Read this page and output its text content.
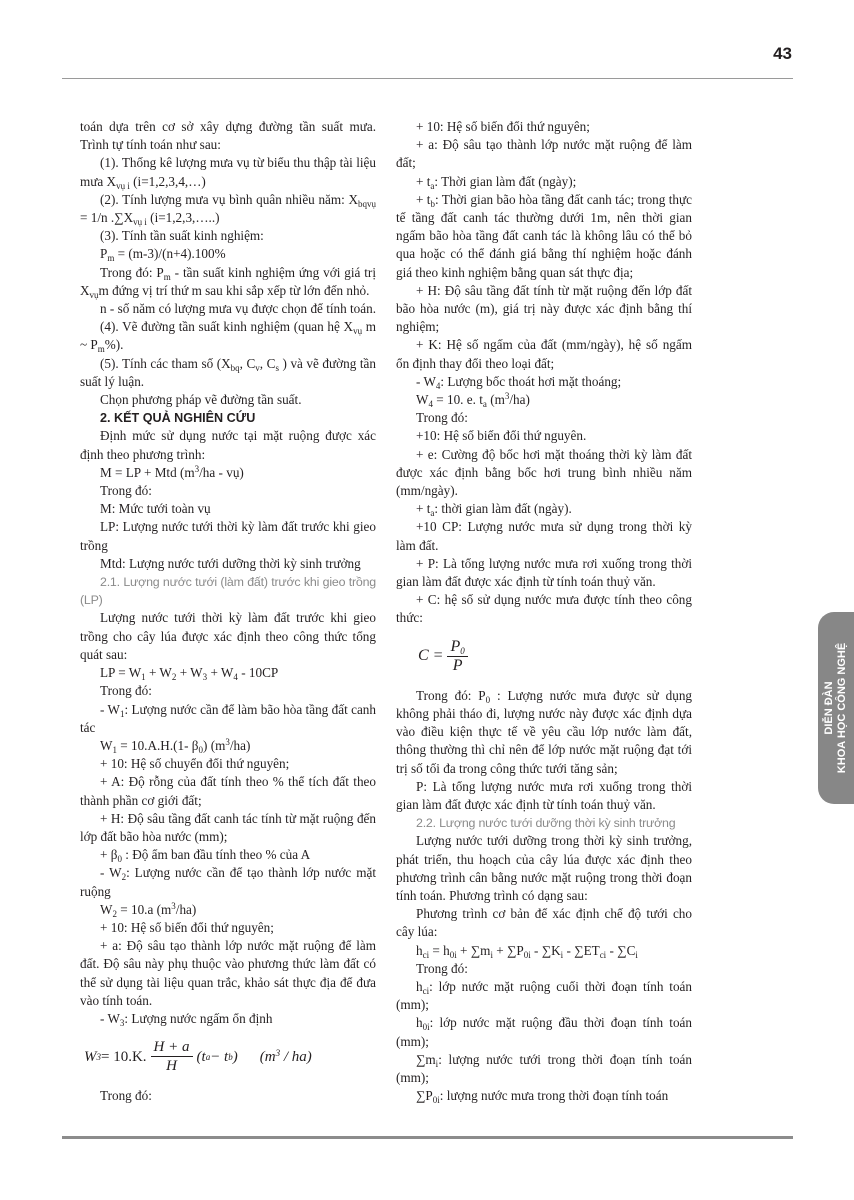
43

toán dựa trên cơ sở xây dựng đường tần suất mưa. Trình tự tính toán như sau:

(1). Thống kê lượng mưa vụ từ biểu thu thập tài liệu mưa $X_{vụ i}$ (i=1,2,3,4,…)

(2). Tính lượng mưa vụ bình quân nhiều năm: $X_{bqvụ} = 1/n$ $.\sum X_{vụ i}$ (i=1,2,3,…..)

(3). Tính tần suất kinh nghiệm:

$P_m = (m-3)/(n+4).100\%$

Trong đó: $P_m$ - tần suất kinh nghiệm ứng với giá trị $X_{vụ}m$ đứng vị trí thứ m sau khi sắp xếp từ lớn đến nhỏ.

n - số năm có lượng mưa vụ được chọn để tính toán.

(4). Vẽ đường tần suất kinh nghiệm (quan hệ $X_{vụ}$ m ~ $P_m\%$).

(5). Tính các tham số ($X_{bq}$, $C_v$, $C_s$ ) và vẽ đường tần suất lý luận.

Chọn phương pháp vẽ đường tần suất.

2. KẾT QUẢ NGHIÊN CỨU

Định mức sử dụng nước tại mặt ruộng được xác định theo phương trình:

M = LP + Mtd ($m^3/ha$ - vụ)

Trong đó:

M: Mức tưới toàn vụ

LP: Lượng nước tưới thời kỳ làm đất trước khi gieo trồng

Mtd: Lượng nước tưới dưỡng thời kỳ sinh trưởng

2.1. Lượng nước tưới (làm đất) trước khi gieo trồng (LP)

Lượng nước tưới thời kỳ làm đất trước khi gieo trồng cho cây lúa được xác định theo công thức tổng quát sau:

LP = $W_1 + W_2 + W_3 + W_4 - 10CP$

Trong đó:

- $W_1$: Lượng nước cần để làm bão hòa tầng đất canh tác

$W_1 = 10.A.H.(1-$ $\beta_0$) $(m^3/ha)$

+ 10: Hệ số chuyển đổi thứ nguyên;

+ A: Độ rỗng của đất tính theo % thể tích đất theo thành phần cơ giới đất;

+ H: Độ sâu tầng đất canh tác tính từ mặt ruộng đến lớp đất bão hòa nước (mm);

+ $\beta_0$ : Độ ẩm ban đầu tính theo % của A

- $W_2$: Lượng nước cần để tạo thành lớp nước mặt ruộng

$W_2 = 10.a$ $(m^3/ha)$

+ 10: Hệ số biến đổi thứ nguyên;

+ a: Độ sâu tạo thành lớp nước mặt ruộng để làm đất. Độ sâu này phụ thuộc vào phương thức làm đất có thể sử dụng tài liệu quan trắc, khảo sát thực địa để đưa vào tính toán.

- $W_3$: Lượng nước ngấm ổn định

W 3 = 10.K. $\frac{H + a}{H} (t$ a − t b ) $(m^3 / ha)$

Trong đó:

+ 10: Hệ số biến đổi thứ nguyên;

+ a: Độ sâu tạo thành lớp nước mặt ruộng để làm đất;

+ $t_a$: Thời gian làm đất (ngày);

+ $t_b$: Thời gian bão hòa tầng đất canh tác; trong thực tế tầng đất canh tác thường dưới 1m, nên thời gian ngấm bão hòa tầng đất canh tác là không lâu có thể bỏ qua hoặc có thể đánh giá bằng thí nghiệm hoặc đánh giá theo kinh nghiệm bằng quan sát thực địa;

+ H: Độ sâu tầng đất tính từ mặt ruộng đến lớp đất bão hòa nước (m), giá trị này được xác định bằng thí nghiệm;

+ K: Hệ số ngấm của đất (mm/ngày), hệ số ngấm ổn định thay đổi theo loại đất;

- $W_4$: Lượng bốc thoát hơi mặt thoáng;

$W_4 = 10$. e. $t_a$ $(m^3/ha)$

Trong đó:

+10: Hệ số biến đổi thứ nguyên.

+ e: Cường độ bốc hơi mặt thoáng thời kỳ làm đất được xác định bằng bốc hơi trung bình nhiều năm (mm/ngày).

+ $t_a$: thời gian làm đất (ngày).

+10 CP: Lượng nước mưa sử dụng trong thời kỳ làm đất.

+ P: Là tổng lượng nước mưa rơi xuống trong thời gian làm đất được xác định từ tính toán thuỷ văn.

+ C: hệ số sử dụng nước mưa được tính theo công thức:

$C = \frac{P_0}{P}$

Trong đó: $P_0$ : Lượng nước mưa được sử dụng không phải tháo đi, lượng nước này được xác định dựa vào điều kiện thực tế về yêu cầu lớp nước làm đất, thông thường thì chỉ nên để lớp nước mặt ruộng đạt tới trị số tối đa trong công thức tưới tăng sản;

P: Là tổng lượng nước mưa rơi xuống trong thời gian làm đất được xác định từ tính toán thuỷ văn.

2.2. Lượng nước tưới dưỡng thời kỳ sinh trưởng

Lượng nước tưới dưỡng trong thời kỳ sinh trưởng, phát triển, thu hoạch của cây lúa được xác định theo phương trình cân bằng nước mặt ruộng trong thời đoạn tính toán. Phương trình có dạng sau:

Phương trình cơ bản để xác định chế độ tưới cho cây lúa:

$h_{ci} = h_{0i} + \sum m_i + \sum P_{0i} - \sum K_i - \sum ET_{ci} - \sum C_i$

Trong đó:

$h_{ci}$: lớp nước mặt ruộng cuối thời đoạn tính toán (mm);

$h_{0i}$: lớp nước mặt ruộng đầu thời đoạn tính toán (mm);

$\sum m_i$: lượng nước tưới trong thời đoạn tính toán (mm);

$\sum P_{0i}$: lượng nước mưa trong thời đoạn tính toán

DIỄN ĐÀN KHOA HỌC CÔNG NGHỆ
